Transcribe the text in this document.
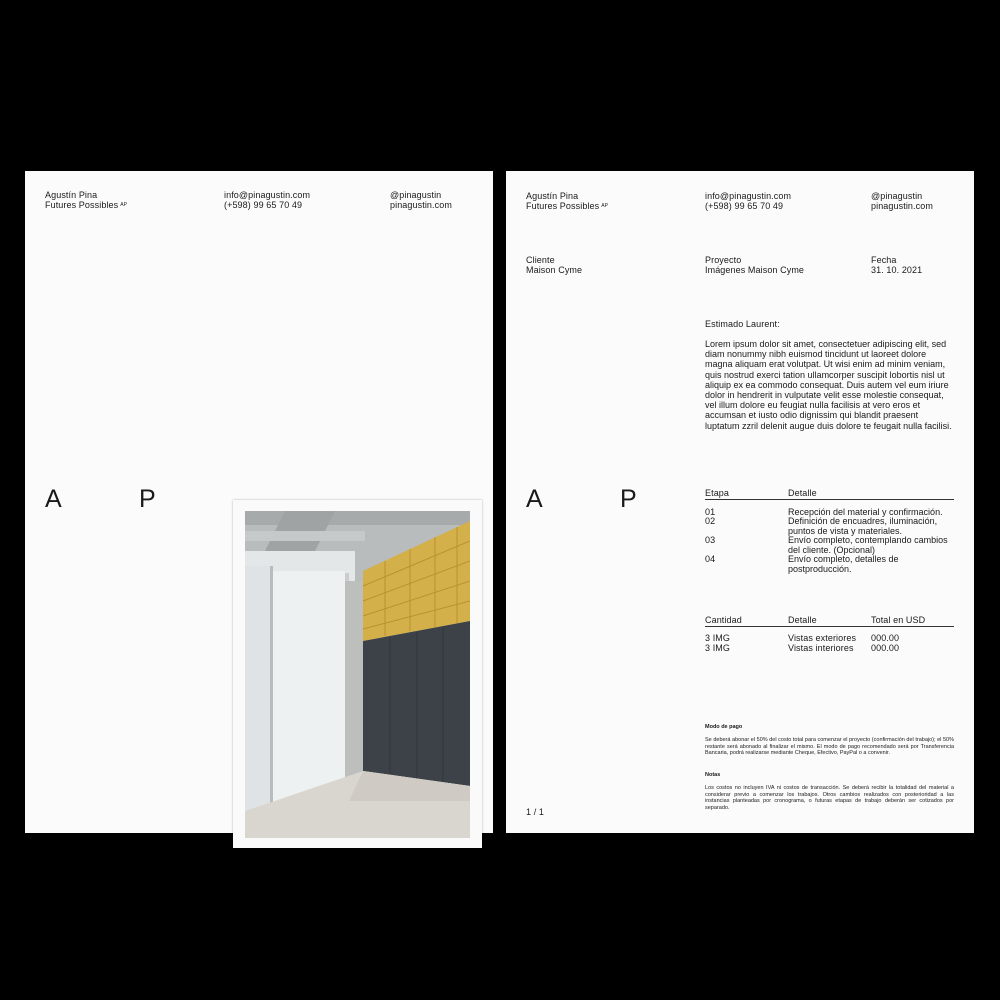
Agustín Pina
Futures Possibles $^{AP}$
info@pinagustin.com
(+598) 99 65 70 49
@pinagustin
pinagustin.com
A	P
Agustín Pina
Futures Possibles $^{AP}$
info@pinagustin.com
(+598) 99 65 70 49
@pinagustin
pinagustin.com
Cliente
Maison Cyme
Proyecto
Imágenes Maison Cyme
Fecha
31. 10. 2021
Estimado Laurent:
Lorem ipsum dolor sit amet, consectetuer adipiscing elit, sed diam nonummy nibh euismod tincidunt ut laoreet dolore magna aliquam erat volutpat. Ut wisi enim ad minim veniam, quis nostrud exerci tation ullamcorper suscipit lobortis nisl ut aliquip ex ea commodo consequat. Duis autem vel eum iriure dolor in hendrerit in vulputate velit esse molestie consequat, vel illum dolore eu feugiat nulla facilisis at vero eros et accumsan et iusto odio dignissim qui blandit praesent luptatum zzril delenit augue duis dolore te feugait nulla facilisi.
A	P	Etapa	Detalle
01	Recepción del material y confirmación.
02	Definición de encuadres, iluminación, puntos de vista y materiales.
03	Envío completo, contemplando cambios del cliente. (Opcional)
04	Envío completo, detalles de postproducción.
Cantidad	Detalle	Total en USD
3 IMG	Vistas exteriores 000.00
3 IMG	Vistas interiores 000.00
Modo de pago
Se deberá abonar el 50% del costo total para comenzar el proyecto (confirmación del trabajo); el 50% restante será abonado al finalizar el mismo. El modo de pago recomendado será por Transferencia Bancaria, podrá realizarse mediante Cheque, Efectivo, PayPal o a convenir.
Notas
Los costos no incluyen IVA ni costos de transacción. Se deberá recibir la totalidad del material a considerar previo a comenzar los trabajos. Otros cambios realizados con posterioridad a las instancias planteadas por cronograma, o futuras etapas de trabajo deberán ser cotizados por separado.
1 / 1
